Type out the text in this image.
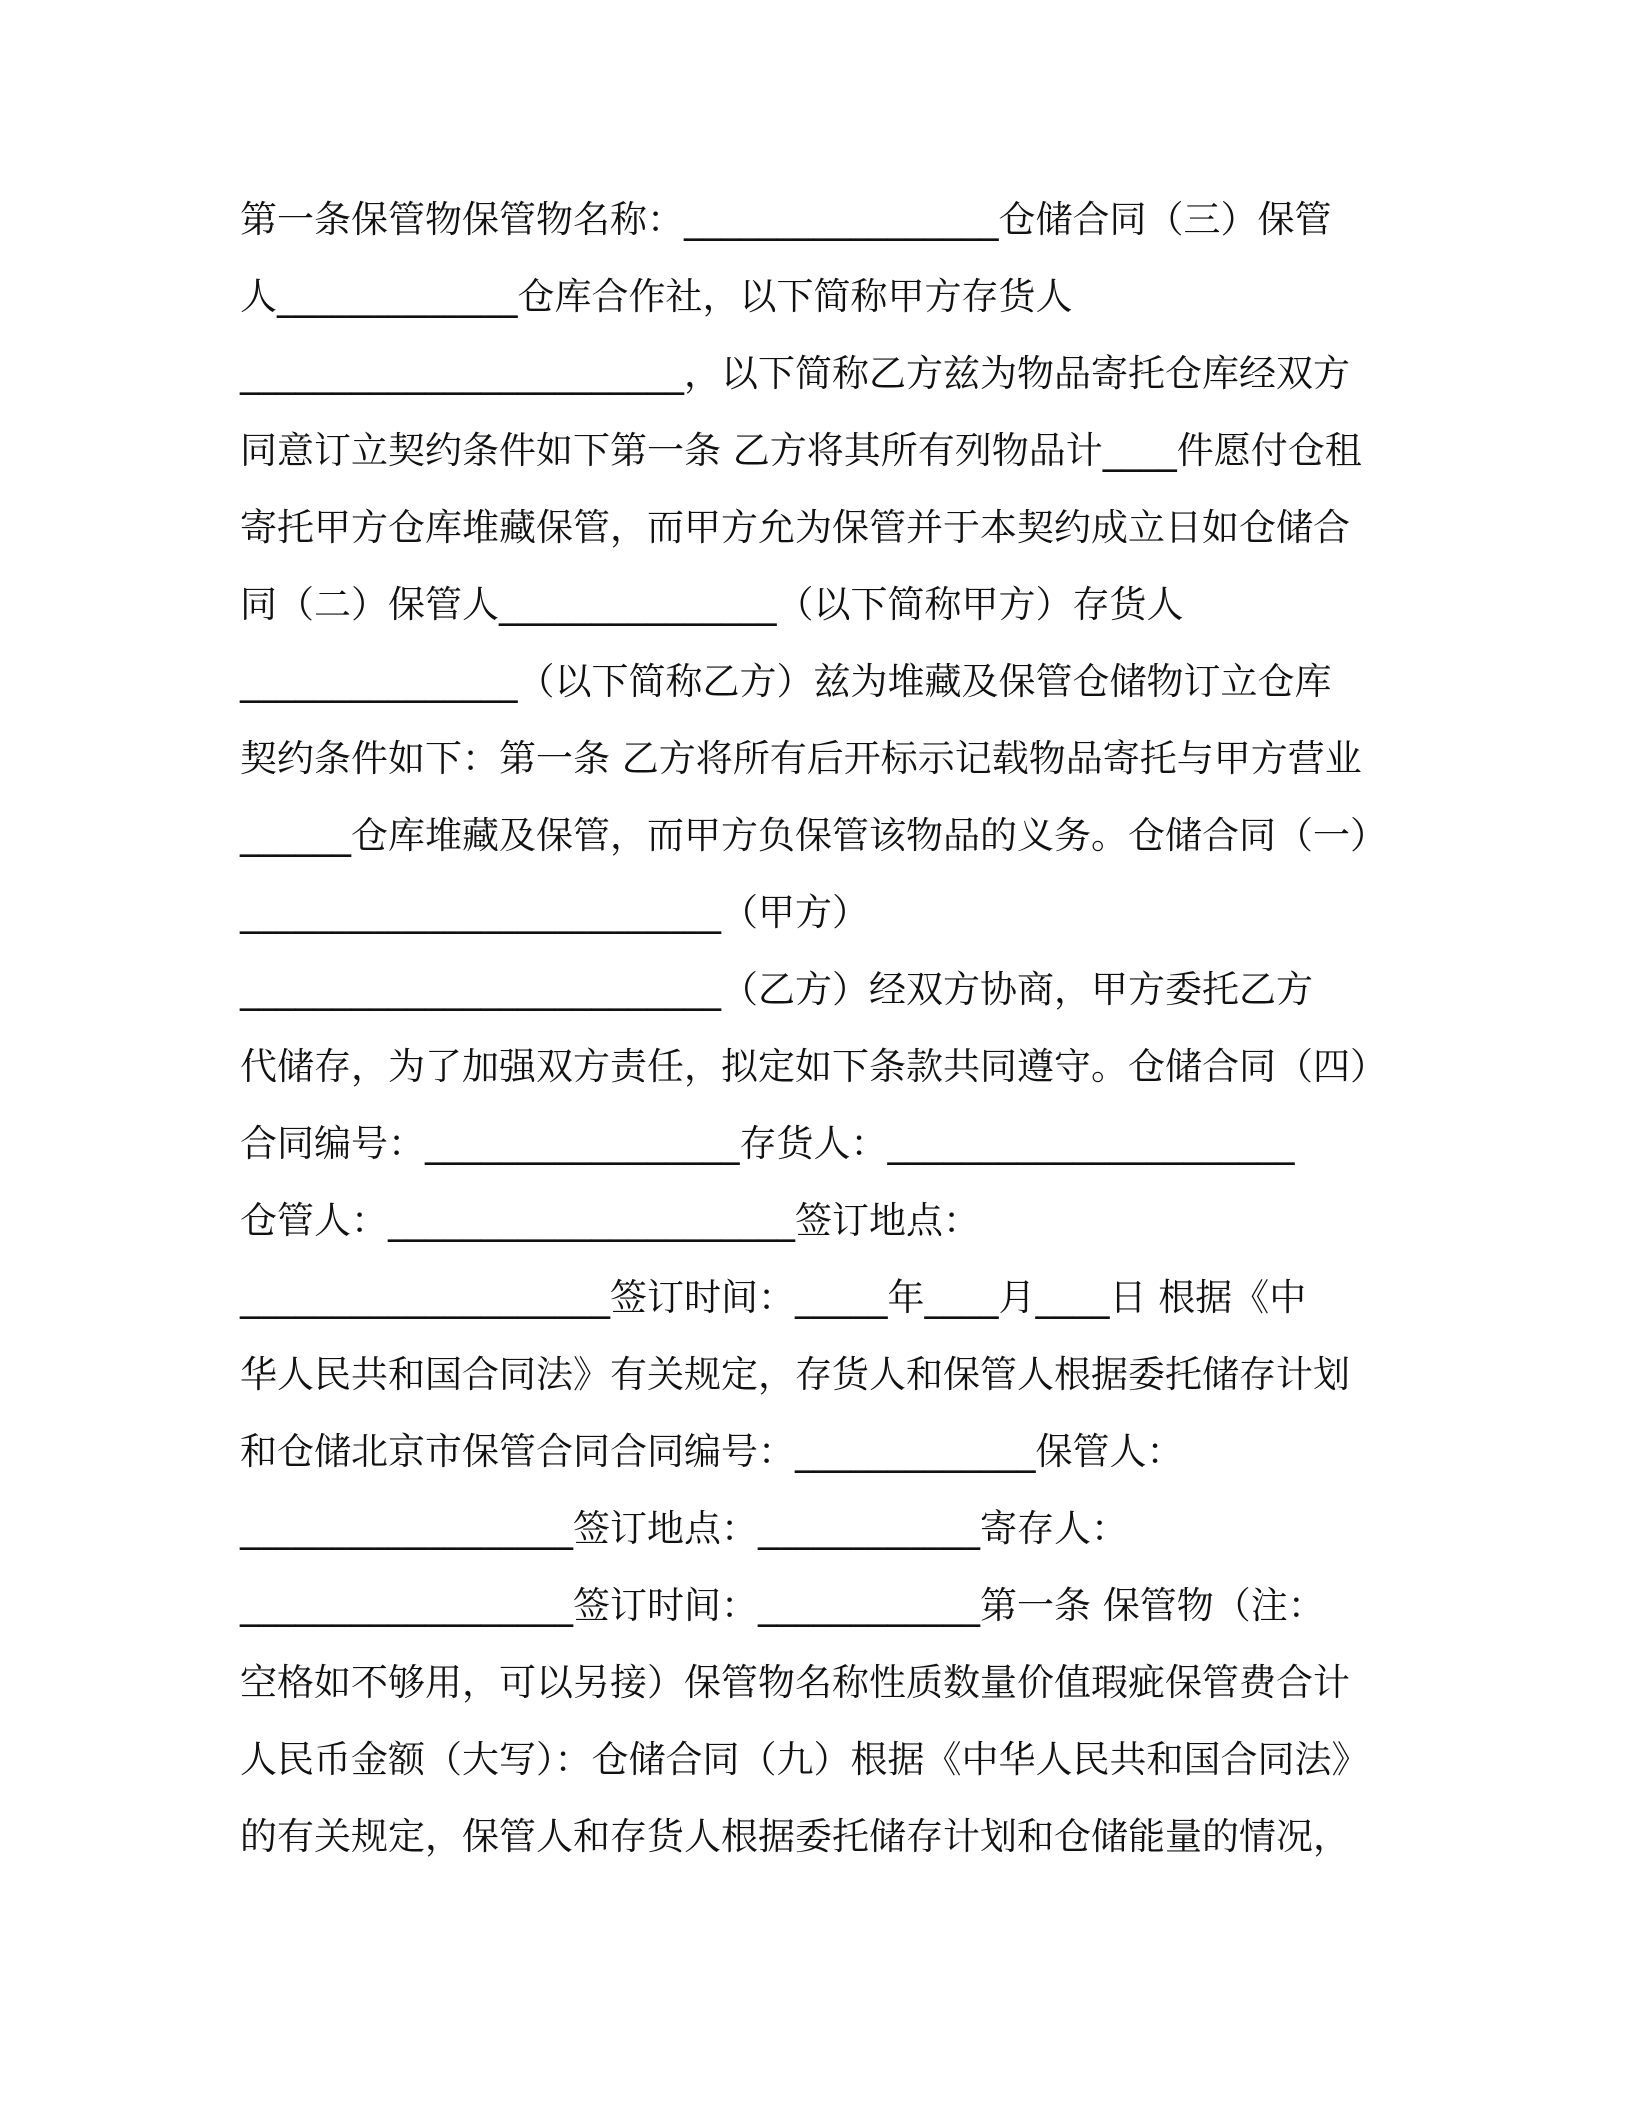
第一条保管物保管物名称：_________________仓储合同（三）保管
人_____________仓库合作社，以下简称甲方存货人
________________________，以下简称乙方兹为物品寄托仓库经双方
同意订立契约条件如下第一条 乙方将其所有列物品计____件愿付仓租
寄托甲方仓库堆藏保管，而甲方允为保管并于本契约成立日如仓储合
同（二）保管人_______________（以下简称甲方）存货人
_______________（以下简称乙方）兹为堆藏及保管仓储物订立仓库
契约条件如下：第一条 乙方将所有后开标示记载物品寄托与甲方营业
______仓库堆藏及保管，而甲方负保管该物品的义务。仓储合同（一）
__________________________（甲方）
__________________________（乙方）经双方协商，甲方委托乙方
代储存，为了加强双方责任，拟定如下条款共同遵守。仓储合同（四）
合同编号：_________________存货人：______________________
仓管人：______________________签订地点：
____________________签订时间：_____年____月____日 根据《中
华人民共和国合同法》有关规定，存货人和保管人根据委托储存计划
和仓储北京市保管合同合同编号：_____________保管人：
__________________签订地点：____________寄存人：
__________________签订时间：____________第一条 保管物（注：
空格如不够用，可以另接）保管物名称性质数量价值瑕疵保管费合计
人民币金额（大写）：仓储合同（九）根据《中华人民共和国合同法》
的有关规定，保管人和存货人根据委托储存计划和仓储能量的情况，
